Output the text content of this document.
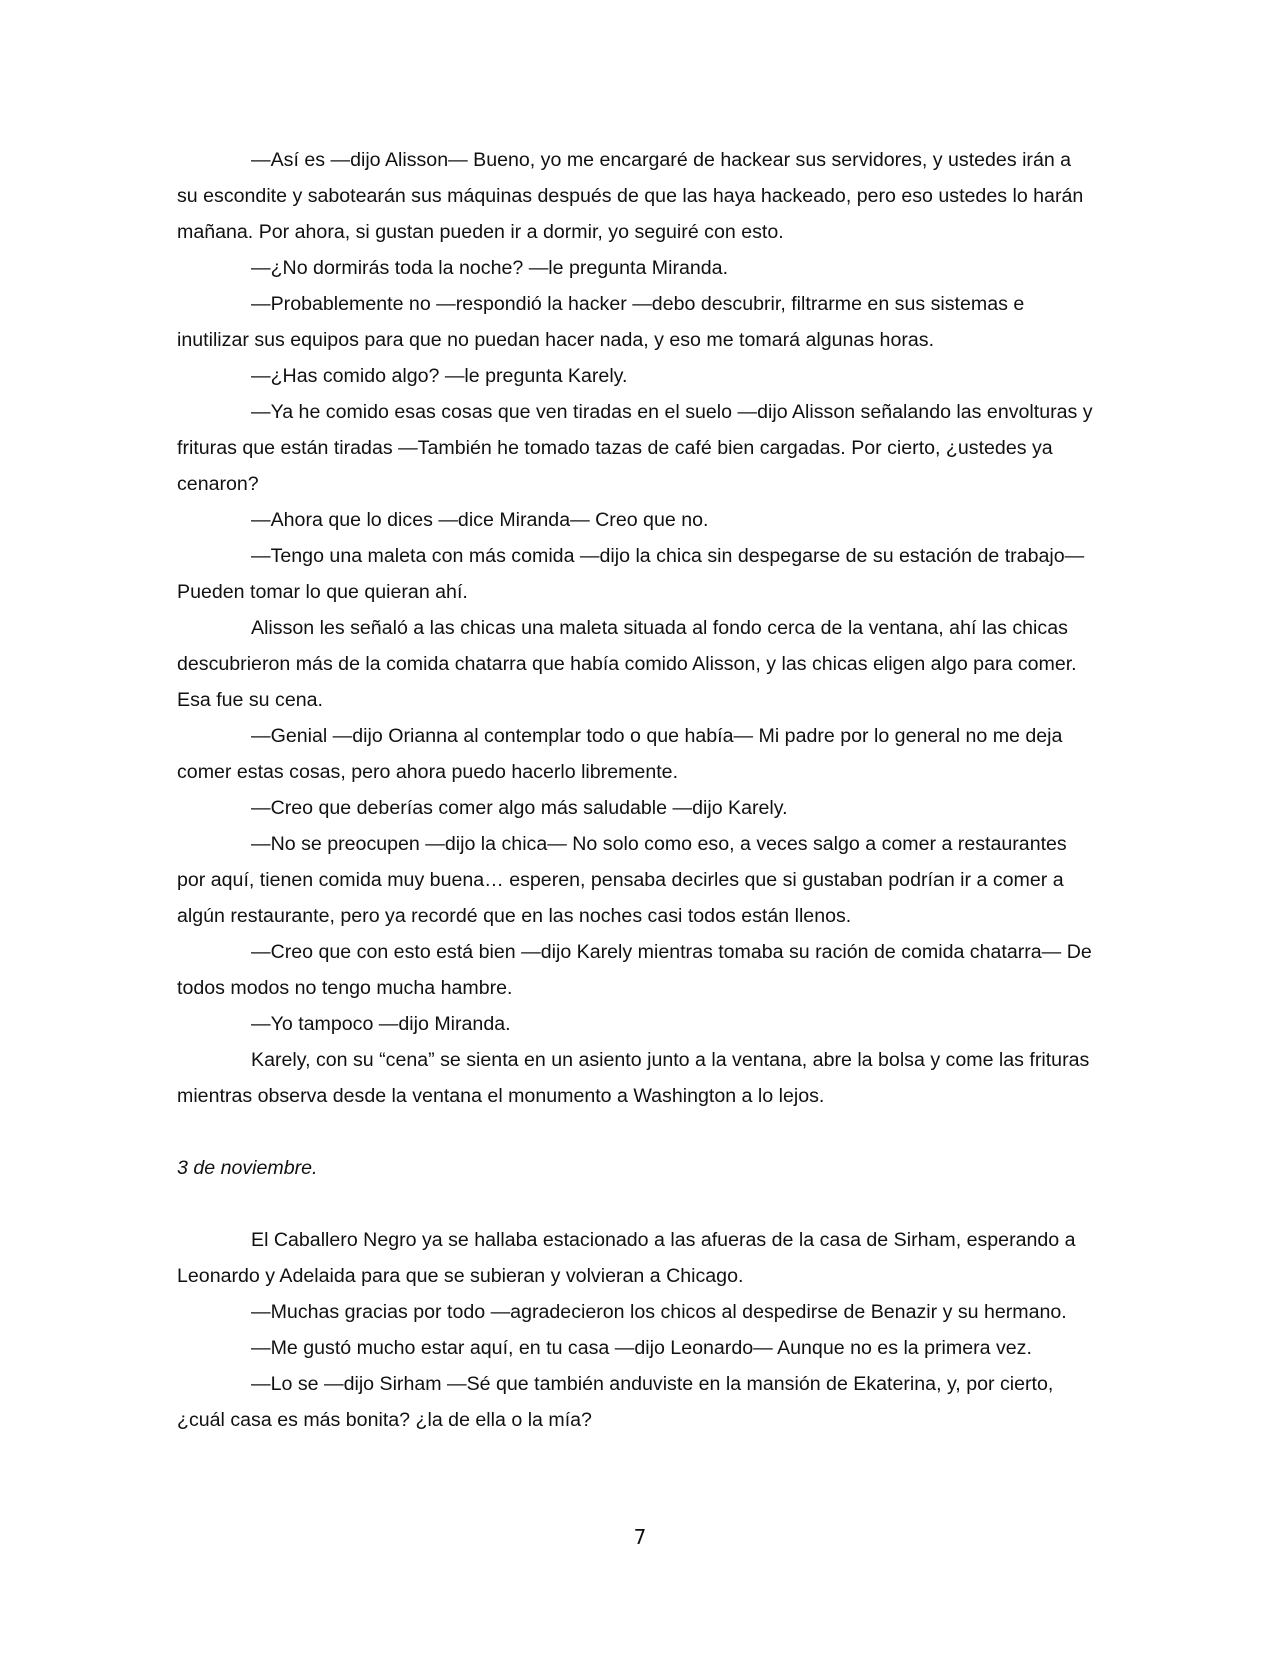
—Así es —dijo Alisson— Bueno, yo me encargaré de hackear sus servidores, y ustedes irán a su escondite y sabotearán sus máquinas después de que las haya hackeado, pero eso ustedes lo harán mañana. Por ahora, si gustan pueden ir a dormir, yo seguiré con esto.

—¿No dormirás toda la noche? —le pregunta Miranda.

—Probablemente no —respondió la hacker —debo descubrir, filtrarme en sus sistemas e inutilizar sus equipos para que no puedan hacer nada, y eso me tomará algunas horas.

—¿Has comido algo? —le pregunta Karely.

—Ya he comido esas cosas que ven tiradas en el suelo —dijo Alisson señalando las envolturas y frituras que están tiradas —También he tomado tazas de café bien cargadas. Por cierto, ¿ustedes ya cenaron?

—Ahora que lo dices —dice Miranda— Creo que no.

—Tengo una maleta con más comida —dijo la chica sin despegarse de su estación de trabajo— Pueden tomar lo que quieran ahí.

Alisson les señaló a las chicas una maleta situada al fondo cerca de la ventana, ahí las chicas descubrieron más de la comida chatarra que había comido Alisson, y las chicas eligen algo para comer. Esa fue su cena.

—Genial —dijo Orianna al contemplar todo o que había— Mi padre por lo general no me deja comer estas cosas, pero ahora puedo hacerlo libremente.

—Creo que deberías comer algo más saludable —dijo Karely.

—No se preocupen —dijo la chica— No solo como eso, a veces salgo a comer a restaurantes por aquí, tienen comida muy buena… esperen, pensaba decirles que si gustaban podrían ir a comer a algún restaurante, pero ya recordé que en las noches casi todos están llenos.

—Creo que con esto está bien —dijo Karely mientras tomaba su ración de comida chatarra— De todos modos no tengo mucha hambre.

—Yo tampoco —dijo Miranda.

Karely, con su “cena” se sienta en un asiento junto a la ventana, abre la bolsa y come las frituras mientras observa desde la ventana el monumento a Washington a lo lejos.

3 de noviembre.

El Caballero Negro ya se hallaba estacionado a las afueras de la casa de Sirham, esperando a Leonardo y Adelaida para que se subieran y volvieran a Chicago.

—Muchas gracias por todo —agradecieron los chicos al despedirse de Benazir y su hermano.

—Me gustó mucho estar aquí, en tu casa —dijo Leonardo— Aunque no es la primera vez.

—Lo se —dijo Sirham —Sé que también anduviste en la mansión de Ekaterina, y, por cierto, ¿cuál casa es más bonita? ¿la de ella o la mía?

7
